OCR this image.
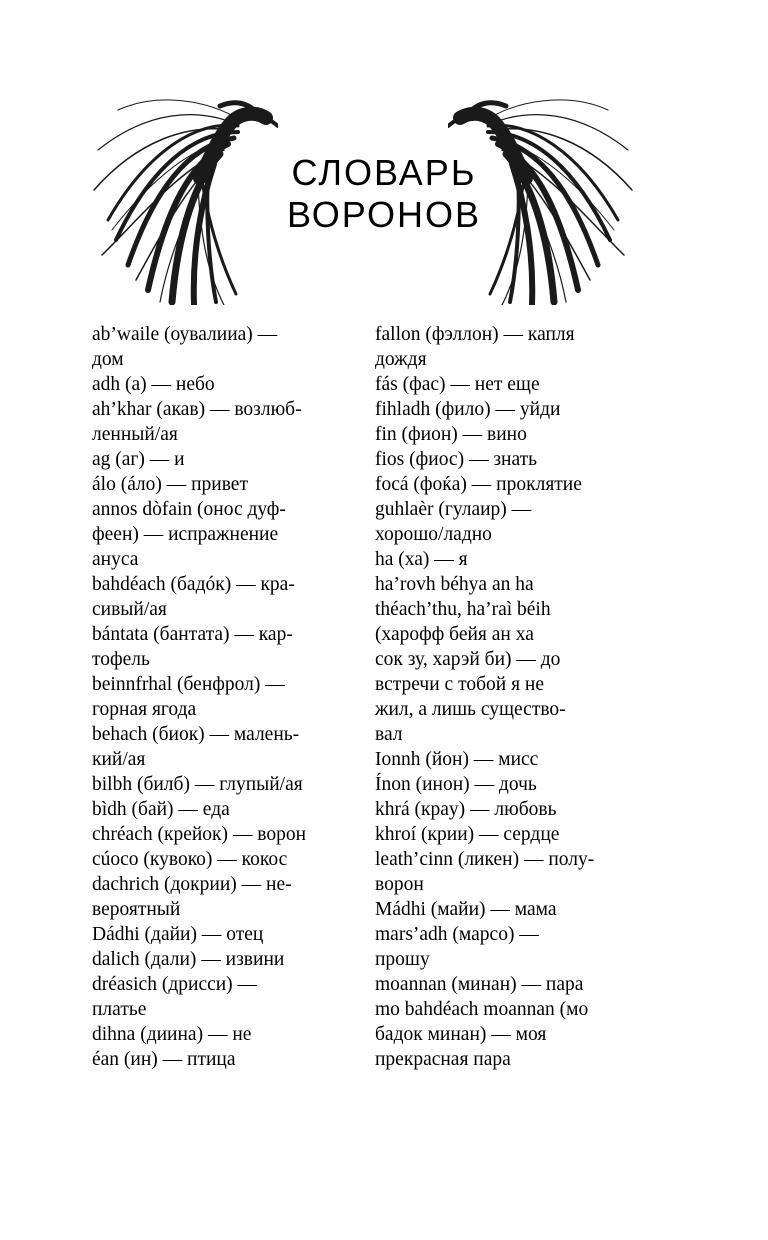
СЛОВАРЬ
ВОРОНОВ
ab’waile (оувалииа) —
дом
adh (а) — небо
ah’khar (акав) — возлюб-
ленный/ая
ag (аг) — и
álo (áло) — привет
annos dòfain (онос дуф-
феен) — испражнение
ануса
bahdéach (бадóк) — кра-
сивый/ая
bántata (бантата) — кар-
тофель
beinnfrhal (бенфрол) —
горная ягода
behach (биок) — малень-
кий/ая
bilbh (билб) — глупый/ая
bìdh (бай) — еда
chréach (крейок) — ворон
cúoco (кувоко) — кокос
dachrich (докрии) — не-
вероятный
Dádhi (дайи) — отец
dalich (дали) — извини
dréasich (дрисси) —
платье
dihna (диина) — не
éan (ин) — птица
fallon (фэллон) — капля
дождя
fás (фас) — нет еще
fihladh (фило) — уйди
fin (фион) — вино
fios (фиос) — знать
focá (фоќа) — проклятие
guhlaèr (гулаир) —
хорошо/ладно
ha (ха) — я
ha’rovh béhya an ha
théach’thu, ha’raì béih
(харофф бейя ан ха
сок зу, харэй би) — до
встречи с тобой я не
жил, а лишь существо-
вал
Ionnh (йон) — мисс
Ínon (инон) — дочь
khrá (краy) — любовь
khroí (крии) — сердце
leath’cinn (ликен) — полу-
ворон
Mádhi (майи) — мама
mars’adh (марсо) —
прошу
moannan (минан) — пара
mo bahdéach moannan (мо
бадок минан) — моя
прекрасная пара
